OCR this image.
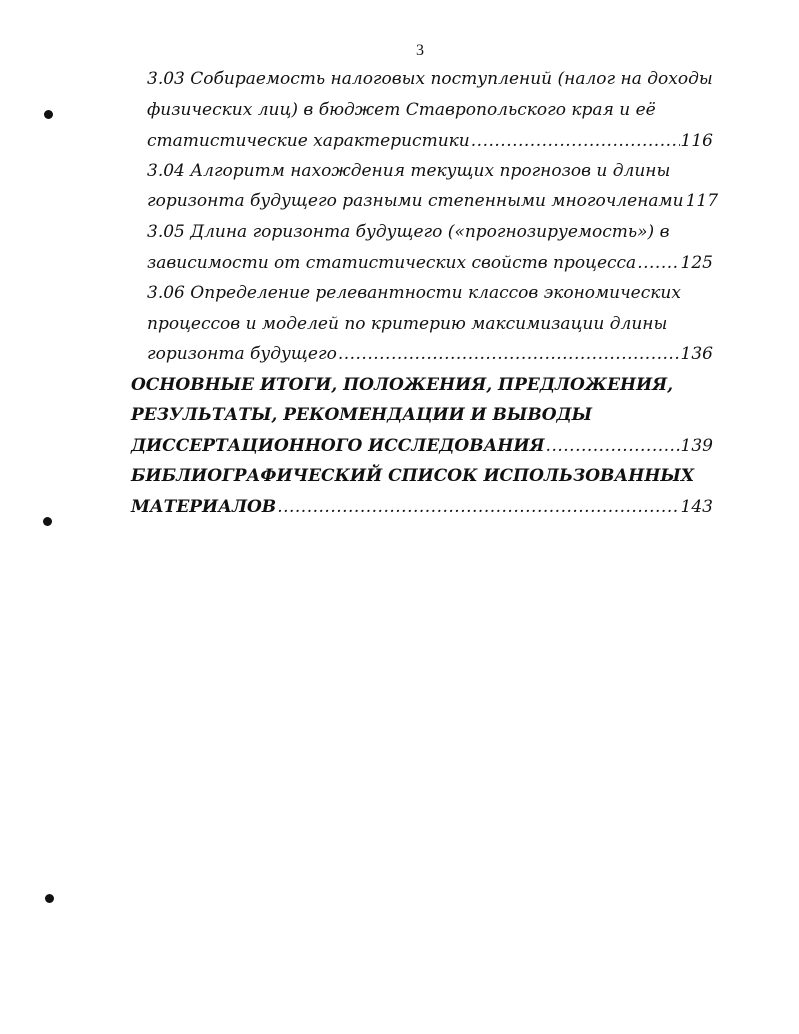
3
3.03 Собираемость налоговых поступлений (налог на доходы
физических лиц) в бюджет Ставропольского края и её
статистические характеристики .....	116
3.04 Алгоритм нахождения текущих прогнозов и длины
горизонта будущего разными степенными многочленами 117
3.05 Длина горизонта будущего («прогнозируемость») в
зависимости от статистических свойств процесса .....	125
3.06 Определение релевантности классов экономических
процессов и моделей по критерию максимизации длины
горизонта будущего .....	136
ОСНОВНЫЕ ИТОГИ, ПОЛОЖЕНИЯ, ПРЕДЛОЖЕНИЯ,
РЕЗУЛЬТАТЫ, РЕКОМЕНДАЦИИ И ВЫВОДЫ
ДИССЕРТАЦИОННОГО ИССЛЕДОВАНИЯ .....	139
БИБЛИОГРАФИЧЕСКИЙ СПИСОК ИСПОЛЬЗОВАННЫХ
МАТЕРИАЛОВ .....	143
